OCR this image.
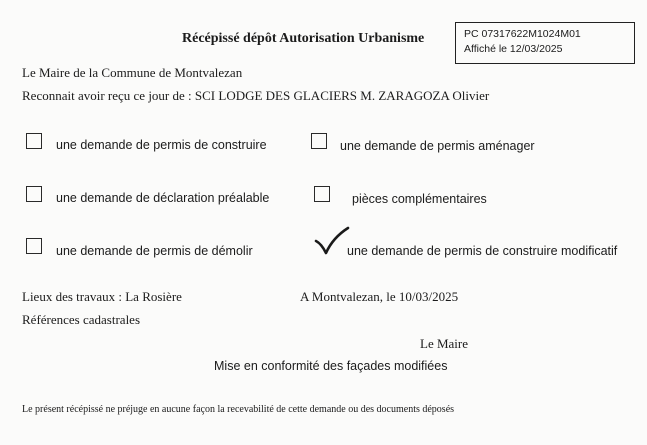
Récépissé dépôt Autorisation Urbanisme	PC 07317622M1024M01
Affiché le 12/03/2025
Le Maire de la Commune de Montvalezan
Reconnait avoir reçu ce jour de : SCI LODGE DES GLACIERS M. ZARAGOZA Olivier
une demande de permis de construire	une demande de permis aménager
une demande de déclaration préalable	pièces complémentaires
une demande de permis de démolir	une demande de permis de construire modificatif
Lieux des travaux : La Rosière	A Montvalezan, le 10/03/2025
Références cadastrales
Le Maire
Mise en conformité des façades modifiées
Le présent récépissé ne préjuge en aucune façon la recevabilité de cette demande ou des documents déposés
